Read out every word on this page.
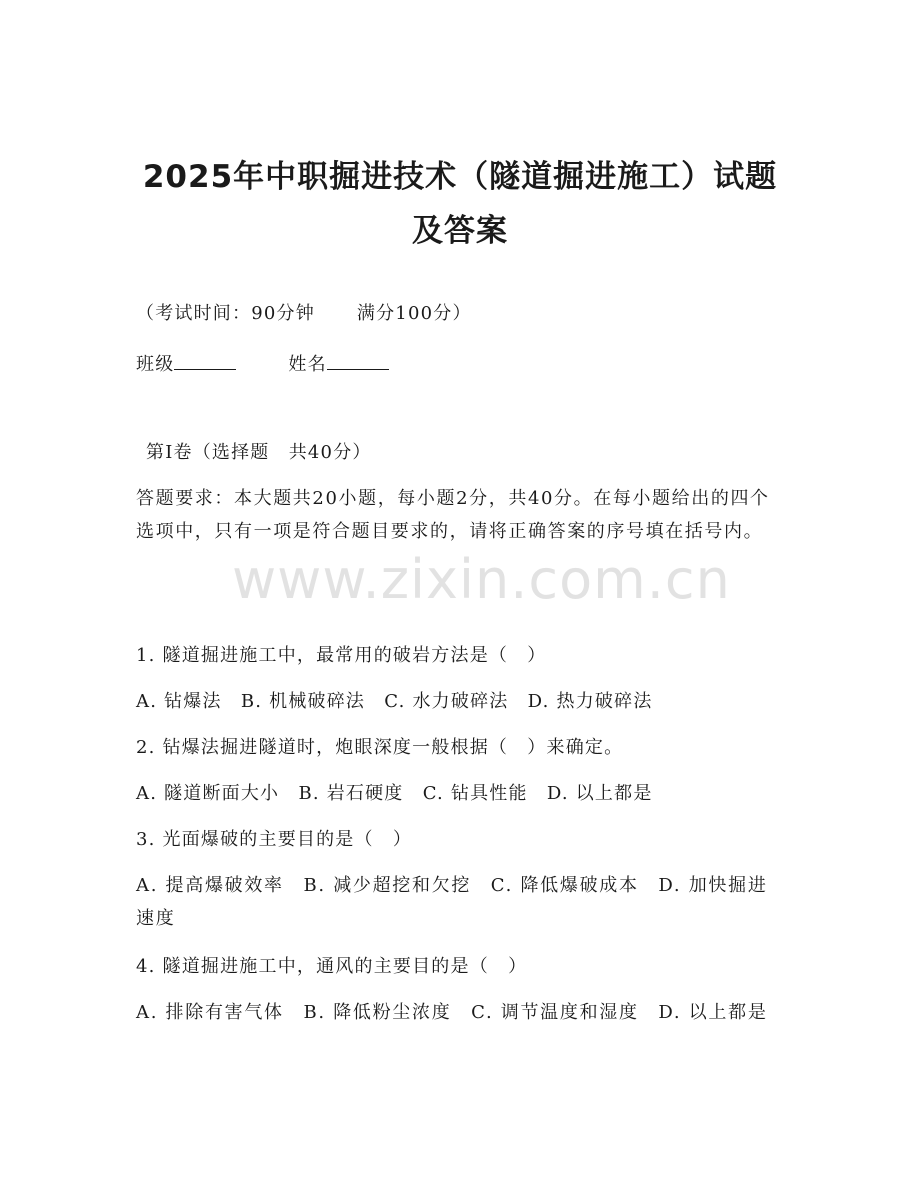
2025年中职掘进技术（隧道掘进施工）试题
及答案
（考试时间：90分钟 满分100分）
班级	姓名
第I卷（选择题　共40分）
答题要求：本大题共20小题，每小题2分，共40分。在每小题给出的四个选项中，只有一项是符合题目要求的，请将正确答案的序号填在括号内。
www.zixin.com.cn
1. 隧道掘进施工中，最常用的破岩方法是（　）
A. 钻爆法　B. 机械破碎法　C. 水力破碎法　D. 热力破碎法
2. 钻爆法掘进隧道时，炮眼深度一般根据（　）来确定。
A. 隧道断面大小　B. 岩石硬度　C. 钻具性能　D. 以上都是
3. 光面爆破的主要目的是（　）
A. 提高爆破效率　B. 减少超挖和欠挖　C. 降低爆破成本　D. 加快掘进速度
4. 隧道掘进施工中，通风的主要目的是（　）
A. 排除有害气体　B. 降低粉尘浓度　C. 调节温度和湿度　D. 以上都是
